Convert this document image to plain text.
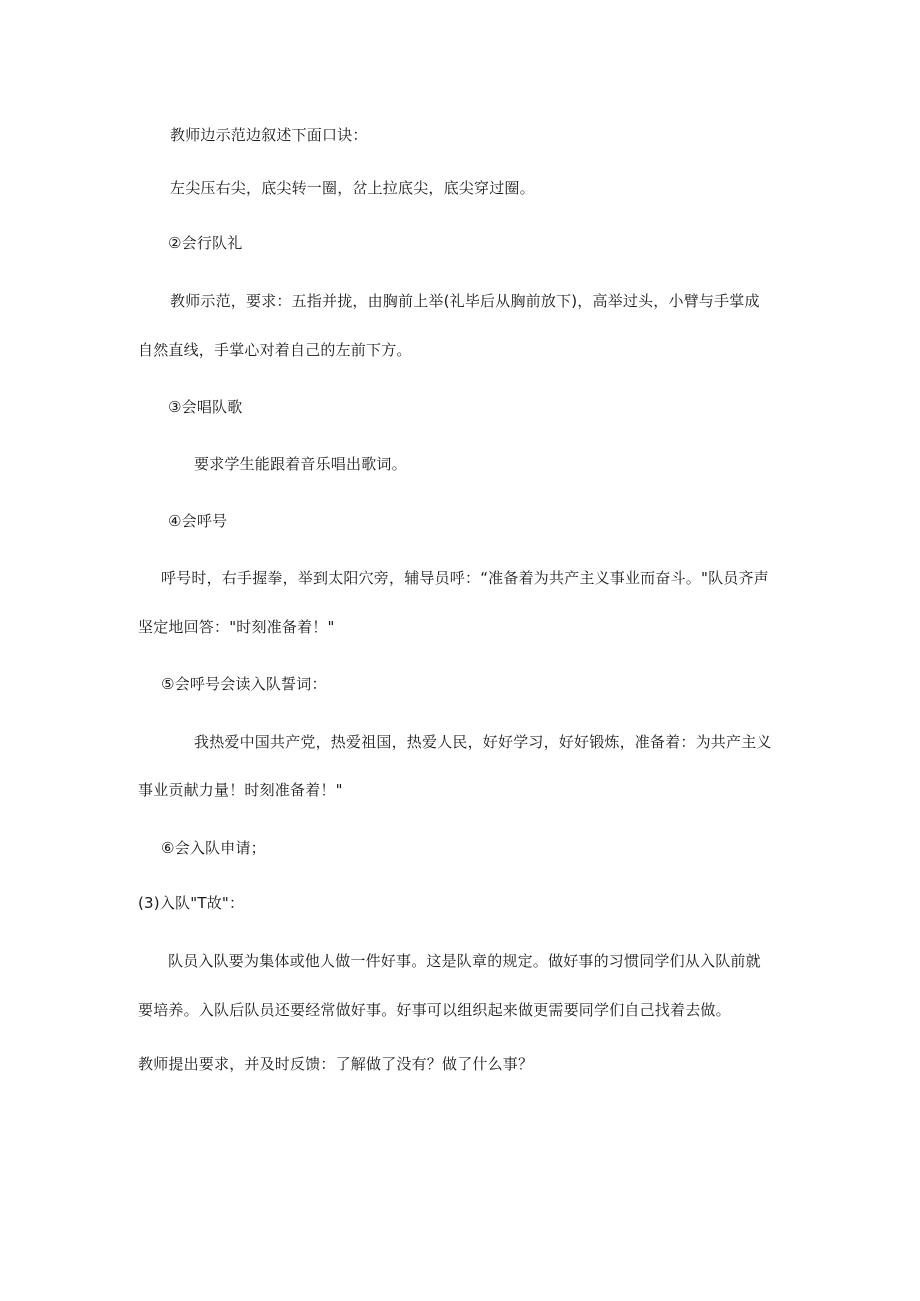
教师边示范边叙述下面口诀：
左尖压右尖，底尖转一圈，岔上拉底尖，底尖穿过圈。
②会行队礼
教师示范，要求：五指并拢，由胸前上举(礼毕后从胸前放下)，高举过头，小臂与手掌成
自然直线，手掌心对着自己的左前下方。
③会唱队歌
要求学生能跟着音乐唱出歌词。
④会呼号
呼号时，右手握拳，举到太阳穴旁，辅导员呼：“准备着为共产主义事业而奋斗。"队员齐声
坚定地回答："时刻准备着！"
⑤会呼号会读入队誓词：
我热爱中国共产党，热爱祖国，热爱人民，好好学习，好好锻炼，准备着：为共产主义
事业贡献力量！时刻准备着！"
⑥会入队申请；
(3)入队"T故"：
队员入队要为集体或他人做一件好事。这是队章的规定。做好事的习惯同学们从入队前就
要培养。入队后队员还要经常做好事。好事可以组织起来做更需要同学们自己找着去做。
教师提出要求，并及时反馈：了解做了没有？做了什么事？
